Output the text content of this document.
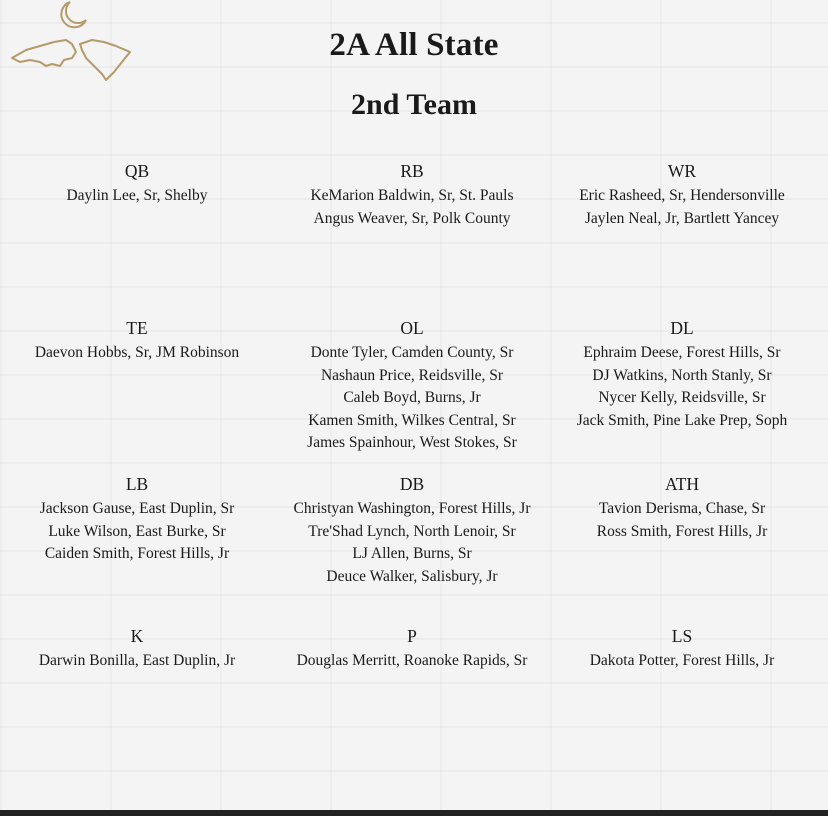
2A All State
2nd Team
QB
Daylin Lee, Sr, Shelby
RB
KeMarion Baldwin, Sr, St. Pauls
Angus Weaver, Sr, Polk County
WR
Eric Rasheed, Sr, Hendersonville
Jaylen Neal, Jr, Bartlett Yancey
TE
Daevon Hobbs, Sr, JM Robinson
OL
Donte Tyler, Camden County, Sr
Nashaun Price, Reidsville, Sr
Caleb Boyd, Burns, Jr
Kamen Smith, Wilkes Central, Sr
James Spainhour, West Stokes, Sr
DL
Ephraim Deese, Forest Hills, Sr
DJ Watkins, North Stanly, Sr
Nycer Kelly, Reidsville, Sr
Jack Smith, Pine Lake Prep, Soph
LB
Jackson Gause, East Duplin, Sr
Luke Wilson, East Burke, Sr
Caiden Smith, Forest Hills, Jr
DB
Christyan Washington, Forest Hills, Jr
Tre'Shad Lynch, North Lenoir, Sr
LJ Allen, Burns, Sr
Deuce Walker, Salisbury, Jr
ATH
Tavion Derisma, Chase, Sr
Ross Smith, Forest Hills, Jr
K
Darwin Bonilla, East Duplin, Jr
P
Douglas Merritt, Roanoke Rapids, Sr
LS
Dakota Potter, Forest Hills, Jr
